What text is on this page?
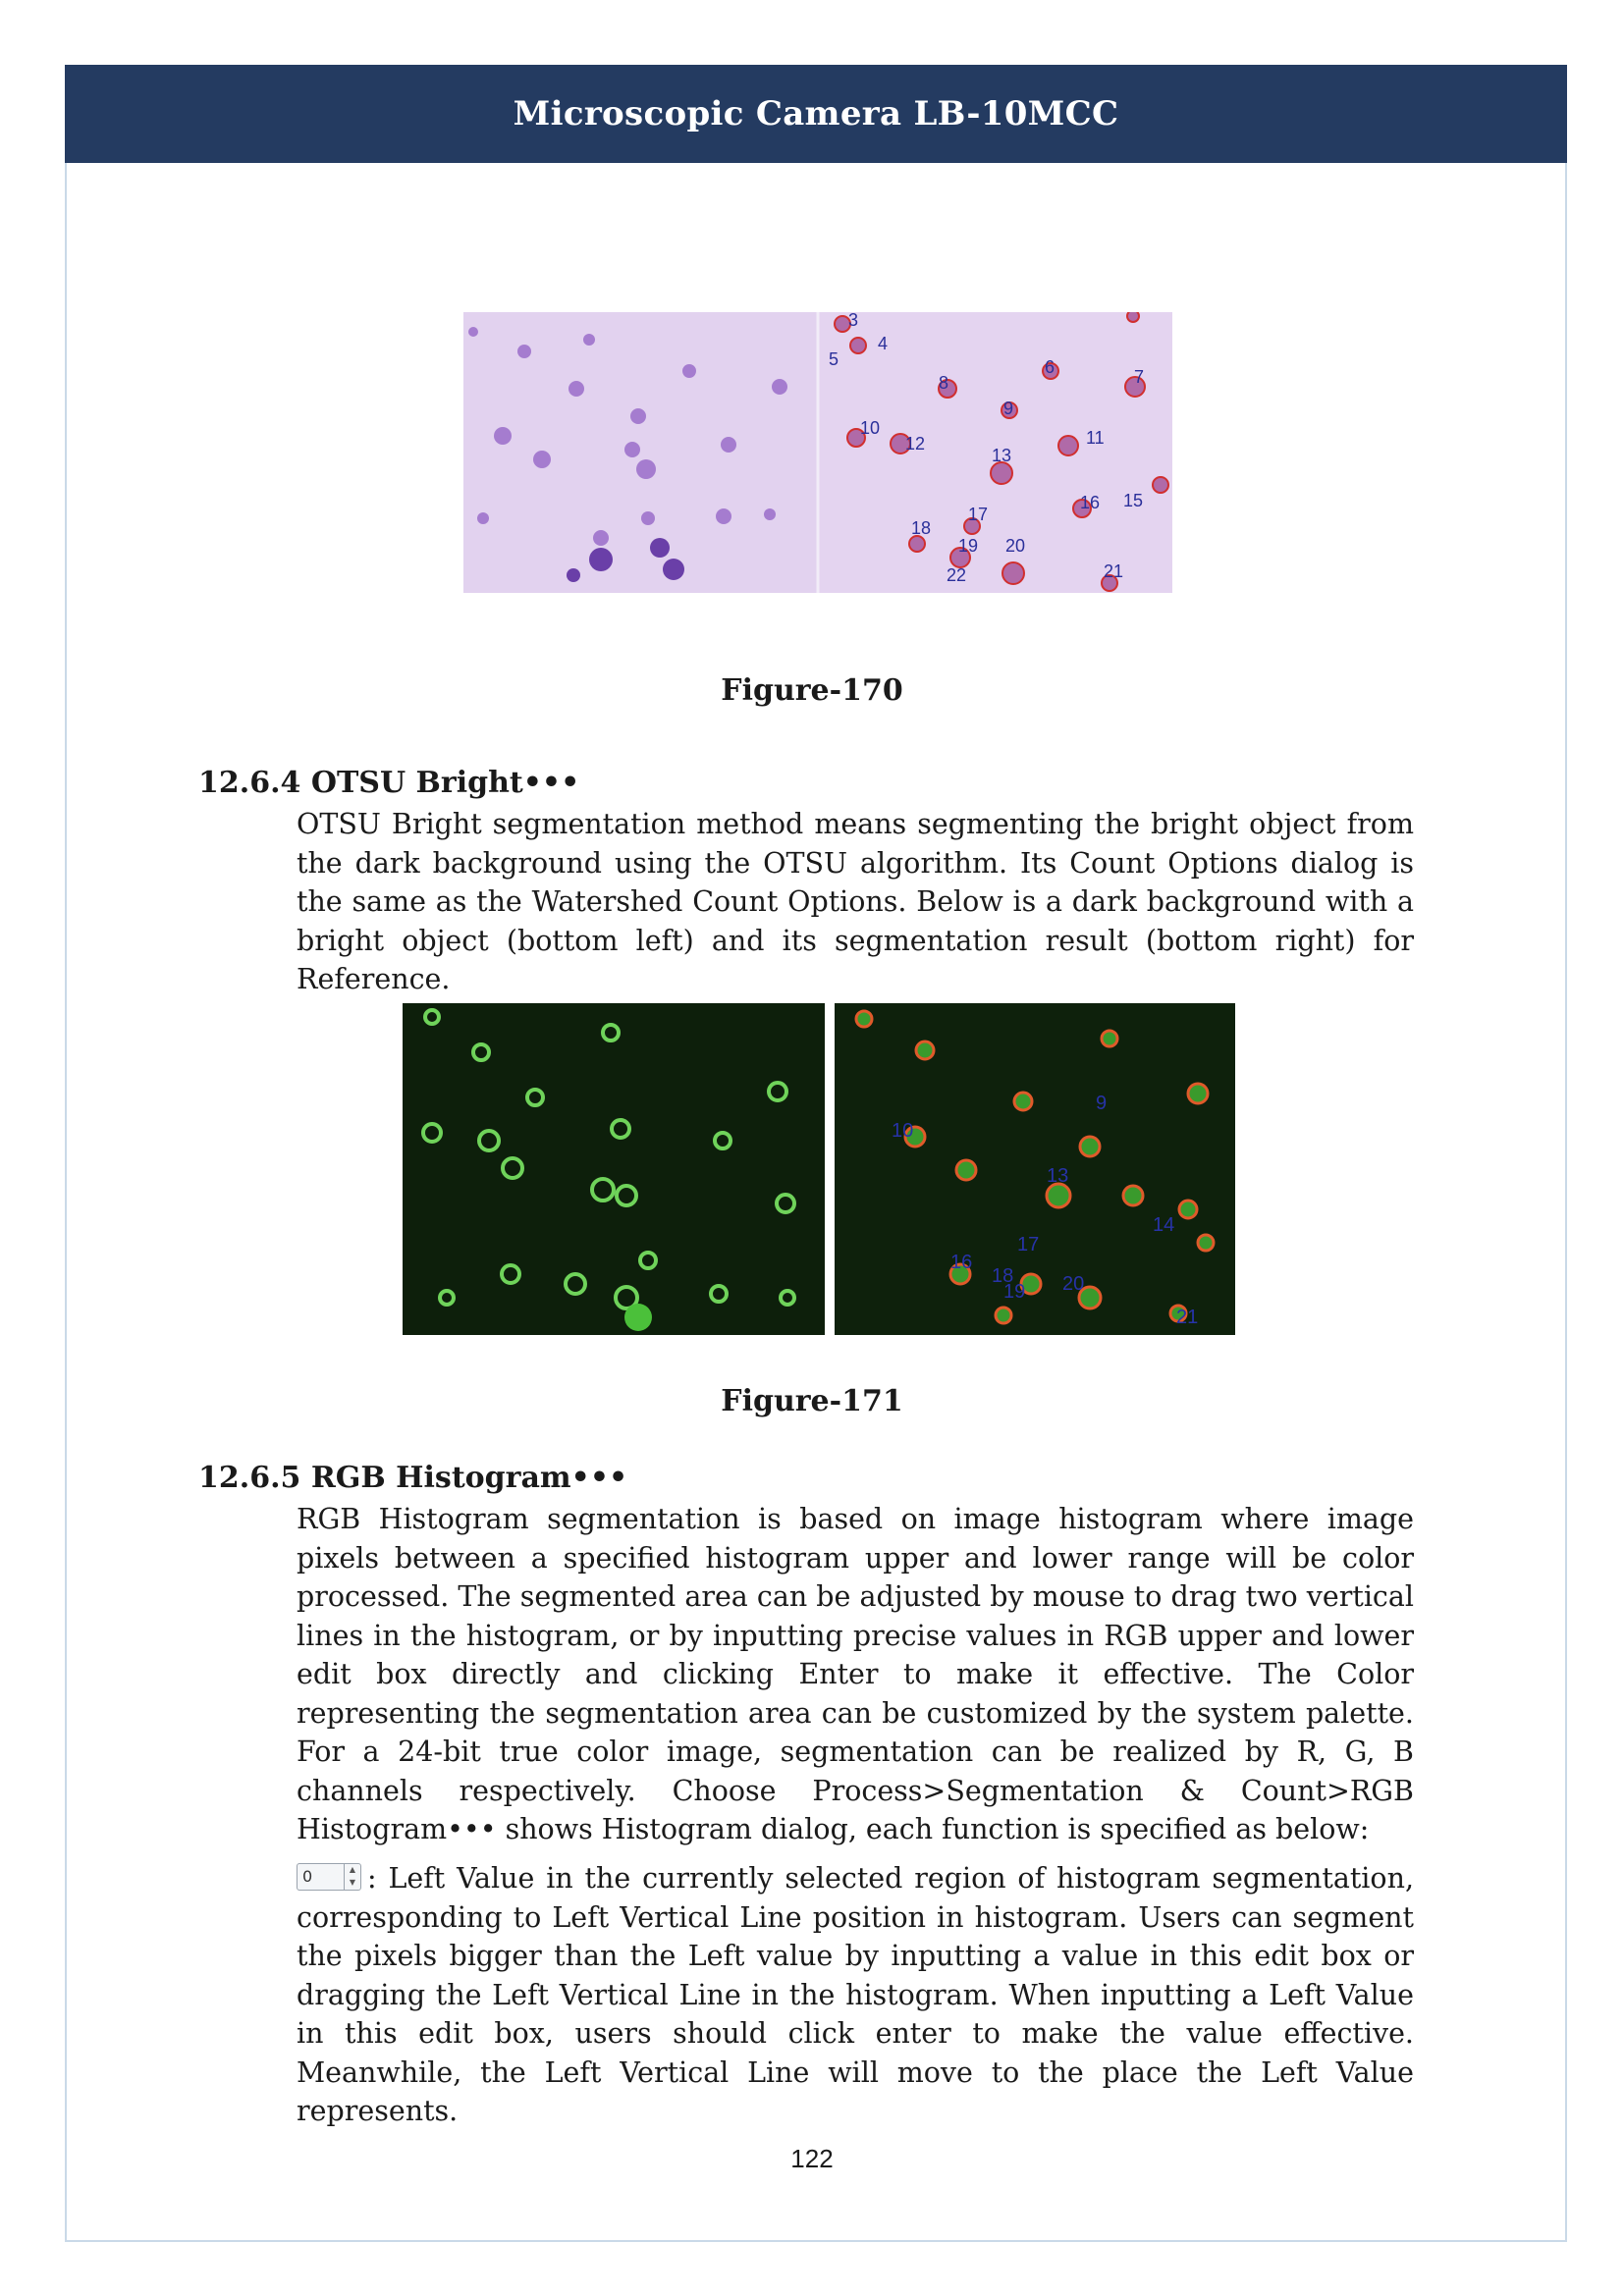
Microscopic Camera LB-10MCC
3
4
5	6	7
8
9
10	11
12
13
15
16
17
18
19 20
21
22
Figure-170
12.6.4 OTSU Bright•••

OTSU Bright segmentation method means segmenting the bright object from the dark background using the OTSU algorithm. Its Count Options dialog is the same as the Watershed Count Options. Below is a dark background with a bright object (bottom left) and its segmentation result (bottom right) for Reference.

9
10
13
14
16
17
18
19 20
21
Figure-171
12.6.5 RGB Histogram•••

RGB Histogram segmentation is based on image histogram where image pixels between a specified histogram upper and lower range will be color processed. The segmented area can be adjusted by mouse to drag two vertical lines in the histogram, or by inputting precise values in RGB upper and lower edit box directly and clicking Enter to make it effective. The Color representing the segmentation area can be customized by the system palette. For a 24-bit true color image, segmentation can be realized by R, G, B channels respectively. Choose Process>Segmentation & Count>RGB Histogram••• shows Histogram dialog, each function is specified as below:

0	▲
▼ : Left Value in the currently selected region of histogram segmentation, corresponding to Left Vertical Line position in histogram. Users can segment the pixels bigger than the Left value by inputting a value in this edit box or dragging the Left Vertical Line in the histogram. When inputting a Left Value in this edit box, users should click enter to make the value effective. Meanwhile, the Left Vertical Line will move to the place the Left Value represents.

122
